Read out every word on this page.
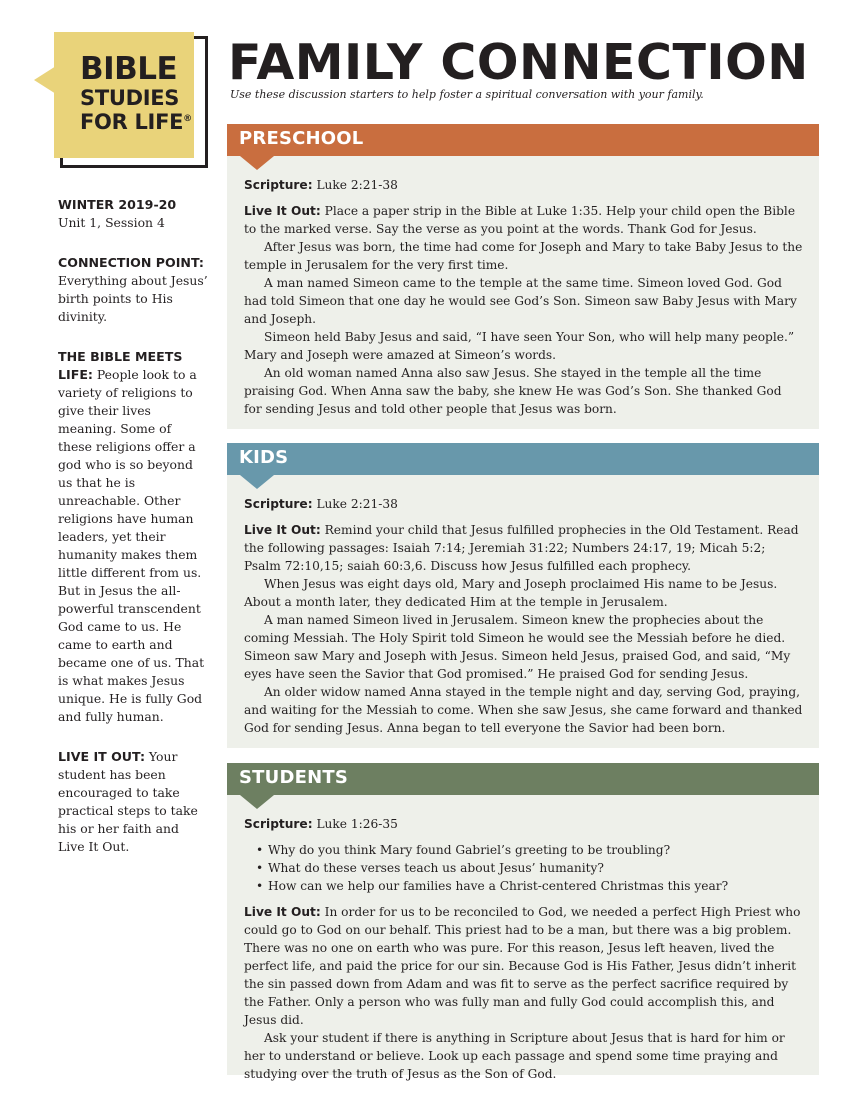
BIBLE
STUDIES
FOR LIFE®
FAMILY CONNECTION
Use these discussion starters to help foster a spiritual conversation with your family.
WINTER 2019-20
Unit 1, Session 4
CONNECTION POINT:
Everything about Jesus’ birth points to His divinity.
THE BIBLE MEETS
LIFE: People look to a variety of religions to give their lives meaning. Some of these religions offer a god who is so beyond us that he is unreachable. Other religions have human leaders, yet their humanity makes them little different from us. But in Jesus the all-powerful transcendent God came to us. He came to earth and became one of us. That is what makes Jesus unique. He is fully God and fully human.
LIVE IT OUT: Your student has been encouraged to take practical steps to take his or her faith and Live It Out.
PRESCHOOL

Scripture: Luke 2:21-38

Live It Out: Place a paper strip in the Bible at Luke 1:35. Help your child open the Bible to the marked verse. Say the verse as you point at the words. Thank God for Jesus.

After Jesus was born, the time had come for Joseph and Mary to take Baby Jesus to the temple in Jerusalem for the very first time.

A man named Simeon came to the temple at the same time. Simeon loved God. God had told Simeon that one day he would see God’s Son. Simeon saw Baby Jesus with Mary and Joseph.

Simeon held Baby Jesus and said, “I have seen Your Son, who will help many people.” Mary and Joseph were amazed at Simeon’s words.

An old woman named Anna also saw Jesus. She stayed in the temple all the time praising God. When Anna saw the baby, she knew He was God’s Son. She thanked God for sending Jesus and told other people that Jesus was born.

KIDS

Scripture: Luke 2:21-38

Live It Out: Remind your child that Jesus fulfilled prophecies in the Old Testament. Read the following passages: Isaiah 7:14; Jeremiah 31:22; Numbers 24:17, 19; Micah 5:2; Psalm 72:10,15; saiah 60:3,6. Discuss how Jesus fulfilled each prophecy.

When Jesus was eight days old, Mary and Joseph proclaimed His name to be Jesus. About a month later, they dedicated Him at the temple in Jerusalem.

A man named Simeon lived in Jerusalem. Simeon knew the prophecies about the coming Messiah. The Holy Spirit told Simeon he would see the Messiah before he died. Simeon saw Mary and Joseph with Jesus. Simeon held Jesus, praised God, and said, “My eyes have seen the Savior that God promised.” He praised God for sending Jesus.

An older widow named Anna stayed in the temple night and day, serving God, praying, and waiting for the Messiah to come. When she saw Jesus, she came forward and thanked God for sending Jesus. Anna began to tell everyone the Savior had been born.

STUDENTS

Scripture: Luke 1:26-35

• Why do you think Mary found Gabriel’s greeting to be troubling?
• What do these verses teach us about Jesus’ humanity?
• How can we help our families have a Christ-centered Christmas this year?

Live It Out: In order for us to be reconciled to God, we needed a perfect High Priest who could go to God on our behalf. This priest had to be a man, but there was a big problem. There was no one on earth who was pure. For this reason, Jesus left heaven, lived the perfect life, and paid the price for our sin. Because God is His Father, Jesus didn’t inherit the sin passed down from Adam and was fit to serve as the perfect sacrifice required by the Father. Only a person who was fully man and fully God could accomplish this, and Jesus did.

Ask your student if there is anything in Scripture about Jesus that is hard for him or her to understand or believe. Look up each passage and spend some time praying and studying over the truth of Jesus as the Son of God.
